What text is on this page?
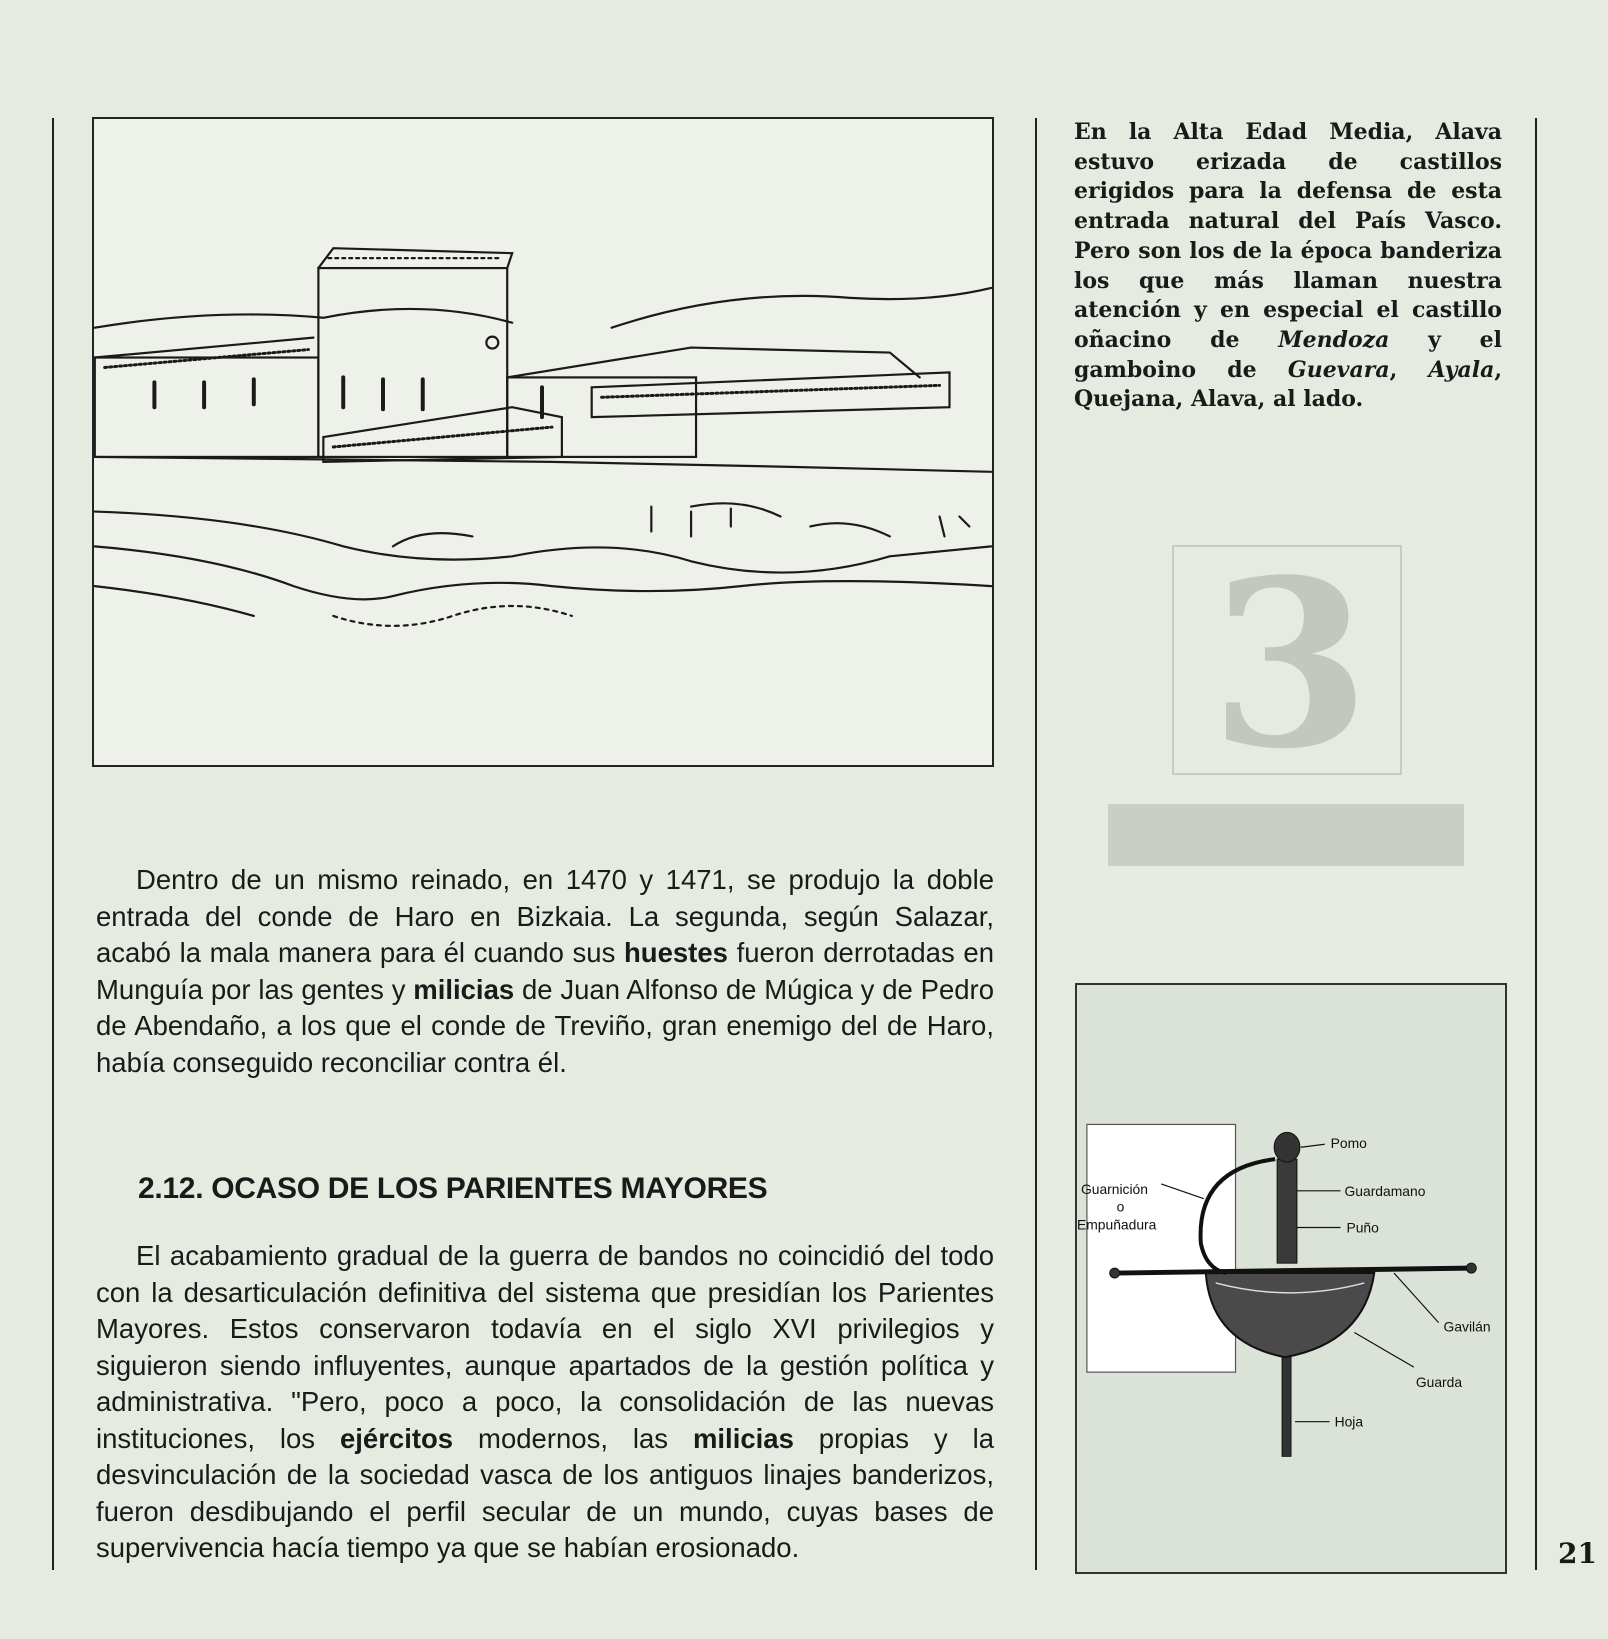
3

Dentro de un mismo reinado, en 1470 y 1471, se produjo la doble entrada del conde de Haro en Bizkaia. La segunda, según Salazar, acabó la mala manera para él cuando sus huestes fueron derrotadas en Munguía por las gentes y milicias de Juan Alfonso de Múgica y de Pedro de Abendaño, a los que el conde de Treviño, gran enemigo del de Haro, había conseguido reconciliar contra él.

2.12. OCASO DE LOS PARIENTES MAYORES

El acabamiento gradual de la guerra de bandos no coincidió del todo con la desarticulación definitiva del sistema que presidían los Parientes Mayores. Estos conservaron todavía en el siglo XVI privilegios y siguieron siendo influyentes, aunque apartados de la gestión política y administrativa. "Pero, poco a poco, la consolidación de las nuevas instituciones, los ejércitos modernos, las milicias propias y la desvinculación de la sociedad vasca de los antiguos linajes banderizos, fueron desdibujando el perfil secular de un mundo, cuyas bases de supervivencia hacía tiempo ya que se habían erosionado.

En la Alta Edad Media, Alava estuvo erizada de castillos erigidos para la defensa de esta entrada natural del País Vasco. Pero son los de la época banderiza los que más llaman nuestra atención y en especial el castillo oñacino de Mendoza y el gamboino de Guevara, Ayala, Quejana, Alava, al lado.

Pomo
Guarnición
o
Empuñadura
Guardamano
Puño
Gavilán
Guarda
Hoja

21
